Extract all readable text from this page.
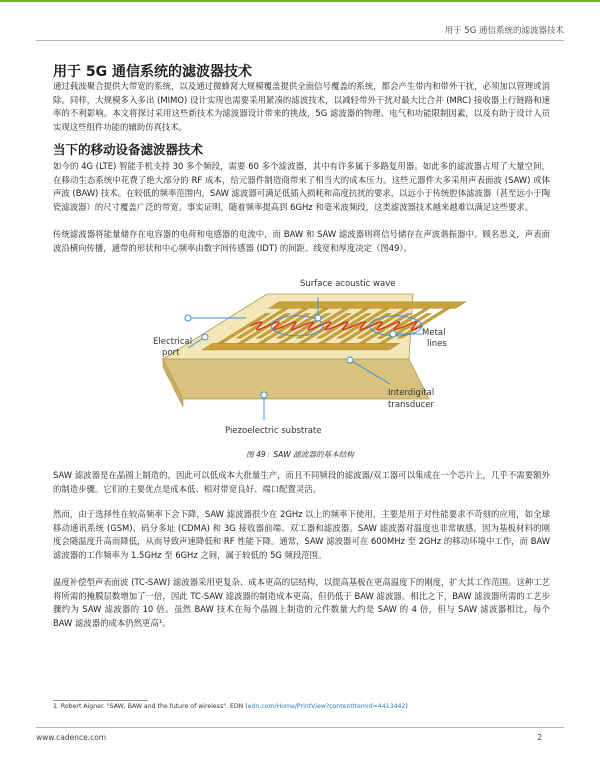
用于 5G 通信系统的滤波器技术
用于 5G 通信系统的滤波器技术
通过载波聚合提供大带宽的系统，以及通过微蜂窝大规模覆盖提供全面信号覆盖的系统，都会产生带内和带外干扰，必须加以管理或消除。同样，大规模多入多出 (MIMO) 设计实现也需要采用紧凑的滤波技术，以减轻带外干扰对最大比合并 (MRC) 接收器上行链路和速率的不利影响。本文将探讨采用这些新技术为滤波器设计带来的挑战，5G 滤波器的物理、电气和功能限制因素，以及有助于设计人员实现这些组件功能的辅助仿真技术。
当下的移动设备滤波器技术
如今的 4G (LTE) 智能手机支持 30 多个频段，需要 60 多个滤波器，其中有许多属于多路复用器。如此多的滤波器占用了大量空间，在移动生态系统中花费了绝大部分的 RF 成本，给元器件制造商带来了相当大的成本压力。这些元器件大多采用声表面波 (SAW) 或体声波 (BAW) 技术。在较低的频率范围内，SAW 滤波器可满足低插入损耗和高度抗扰的要求，以远小于传统腔体滤波器（甚至远小于陶瓷滤波器）的尺寸覆盖广泛的带宽。事实证明，随着频率提高到 6GHz 和毫米波频段，这类滤波器技术越来越难以满足这些要求。
传统滤波器将能量储存在电容器的电荷和电感器的电流中，而 BAW 和 SAW 滤波器则将信号储存在声波谐振器中。顾名思义，声表面波沿横向传播，通带的形状和中心频率由数字间传感器 (IDT) 的间距、线宽和厚度决定（图49）。
Surface acoustic wave
Electrical
port
Metal
lines
Interdigital
transducer
Piezoelectric substrate
图 49：SAW 滤波器的基本结构
SAW 滤波器是在晶圆上制造的，因此可以低成本大批量生产，而且不同频段的滤波器/双工器可以集成在一个芯片上，几乎不需要额外的制造步骤。它们的主要优点是成本低、相对带宽良好、端口配置灵活。
然而，由于选择性在较高频率下会下降，SAW 滤波器很少在 2GHz 以上的频率下使用，主要是用于对性能要求不苛刻的应用，如全球移动通讯系统 (GSM)、码分多址 (CDMA) 和 3G 接收器前端、双工器和滤波器。SAW 滤波器对温度也非常敏感，因为基板材料的刚度会随温度升高而降低，从而导致声速降低和 RF 性能下降。通常，SAW 滤波器可在 600MHz 至 2GHz 的移动环境中工作，而 BAW 滤波器的工作频率为 1.5GHz 至 6GHz 之间，属于较低的 5G 频段范围。
温度补偿型声表面波 (TC-SAW) 滤波器采用更复杂、成本更高的层结构，以提高基板在更高温度下的刚度，扩大其工作范围。这种工艺将所需的掩膜层数增加了一倍，因此 TC-SAW 滤波器的制造成本更高，但仍低于 BAW 滤波器。相比之下，BAW 滤波器所需的工艺步骤约为 SAW 滤波器的 10 倍。虽然 BAW 技术在每个晶圆上制造的元件数量大约是 SAW 的 4 倍，但与 SAW 滤波器相比，每个 BAW 滤波器的成本仍然更高¹。
1. Robert Aigner. "SAW, BAW and the future of wireless". EDN (edn.com/Home/PrintView?contentItemId=4413442)
www.cadence.com	2
